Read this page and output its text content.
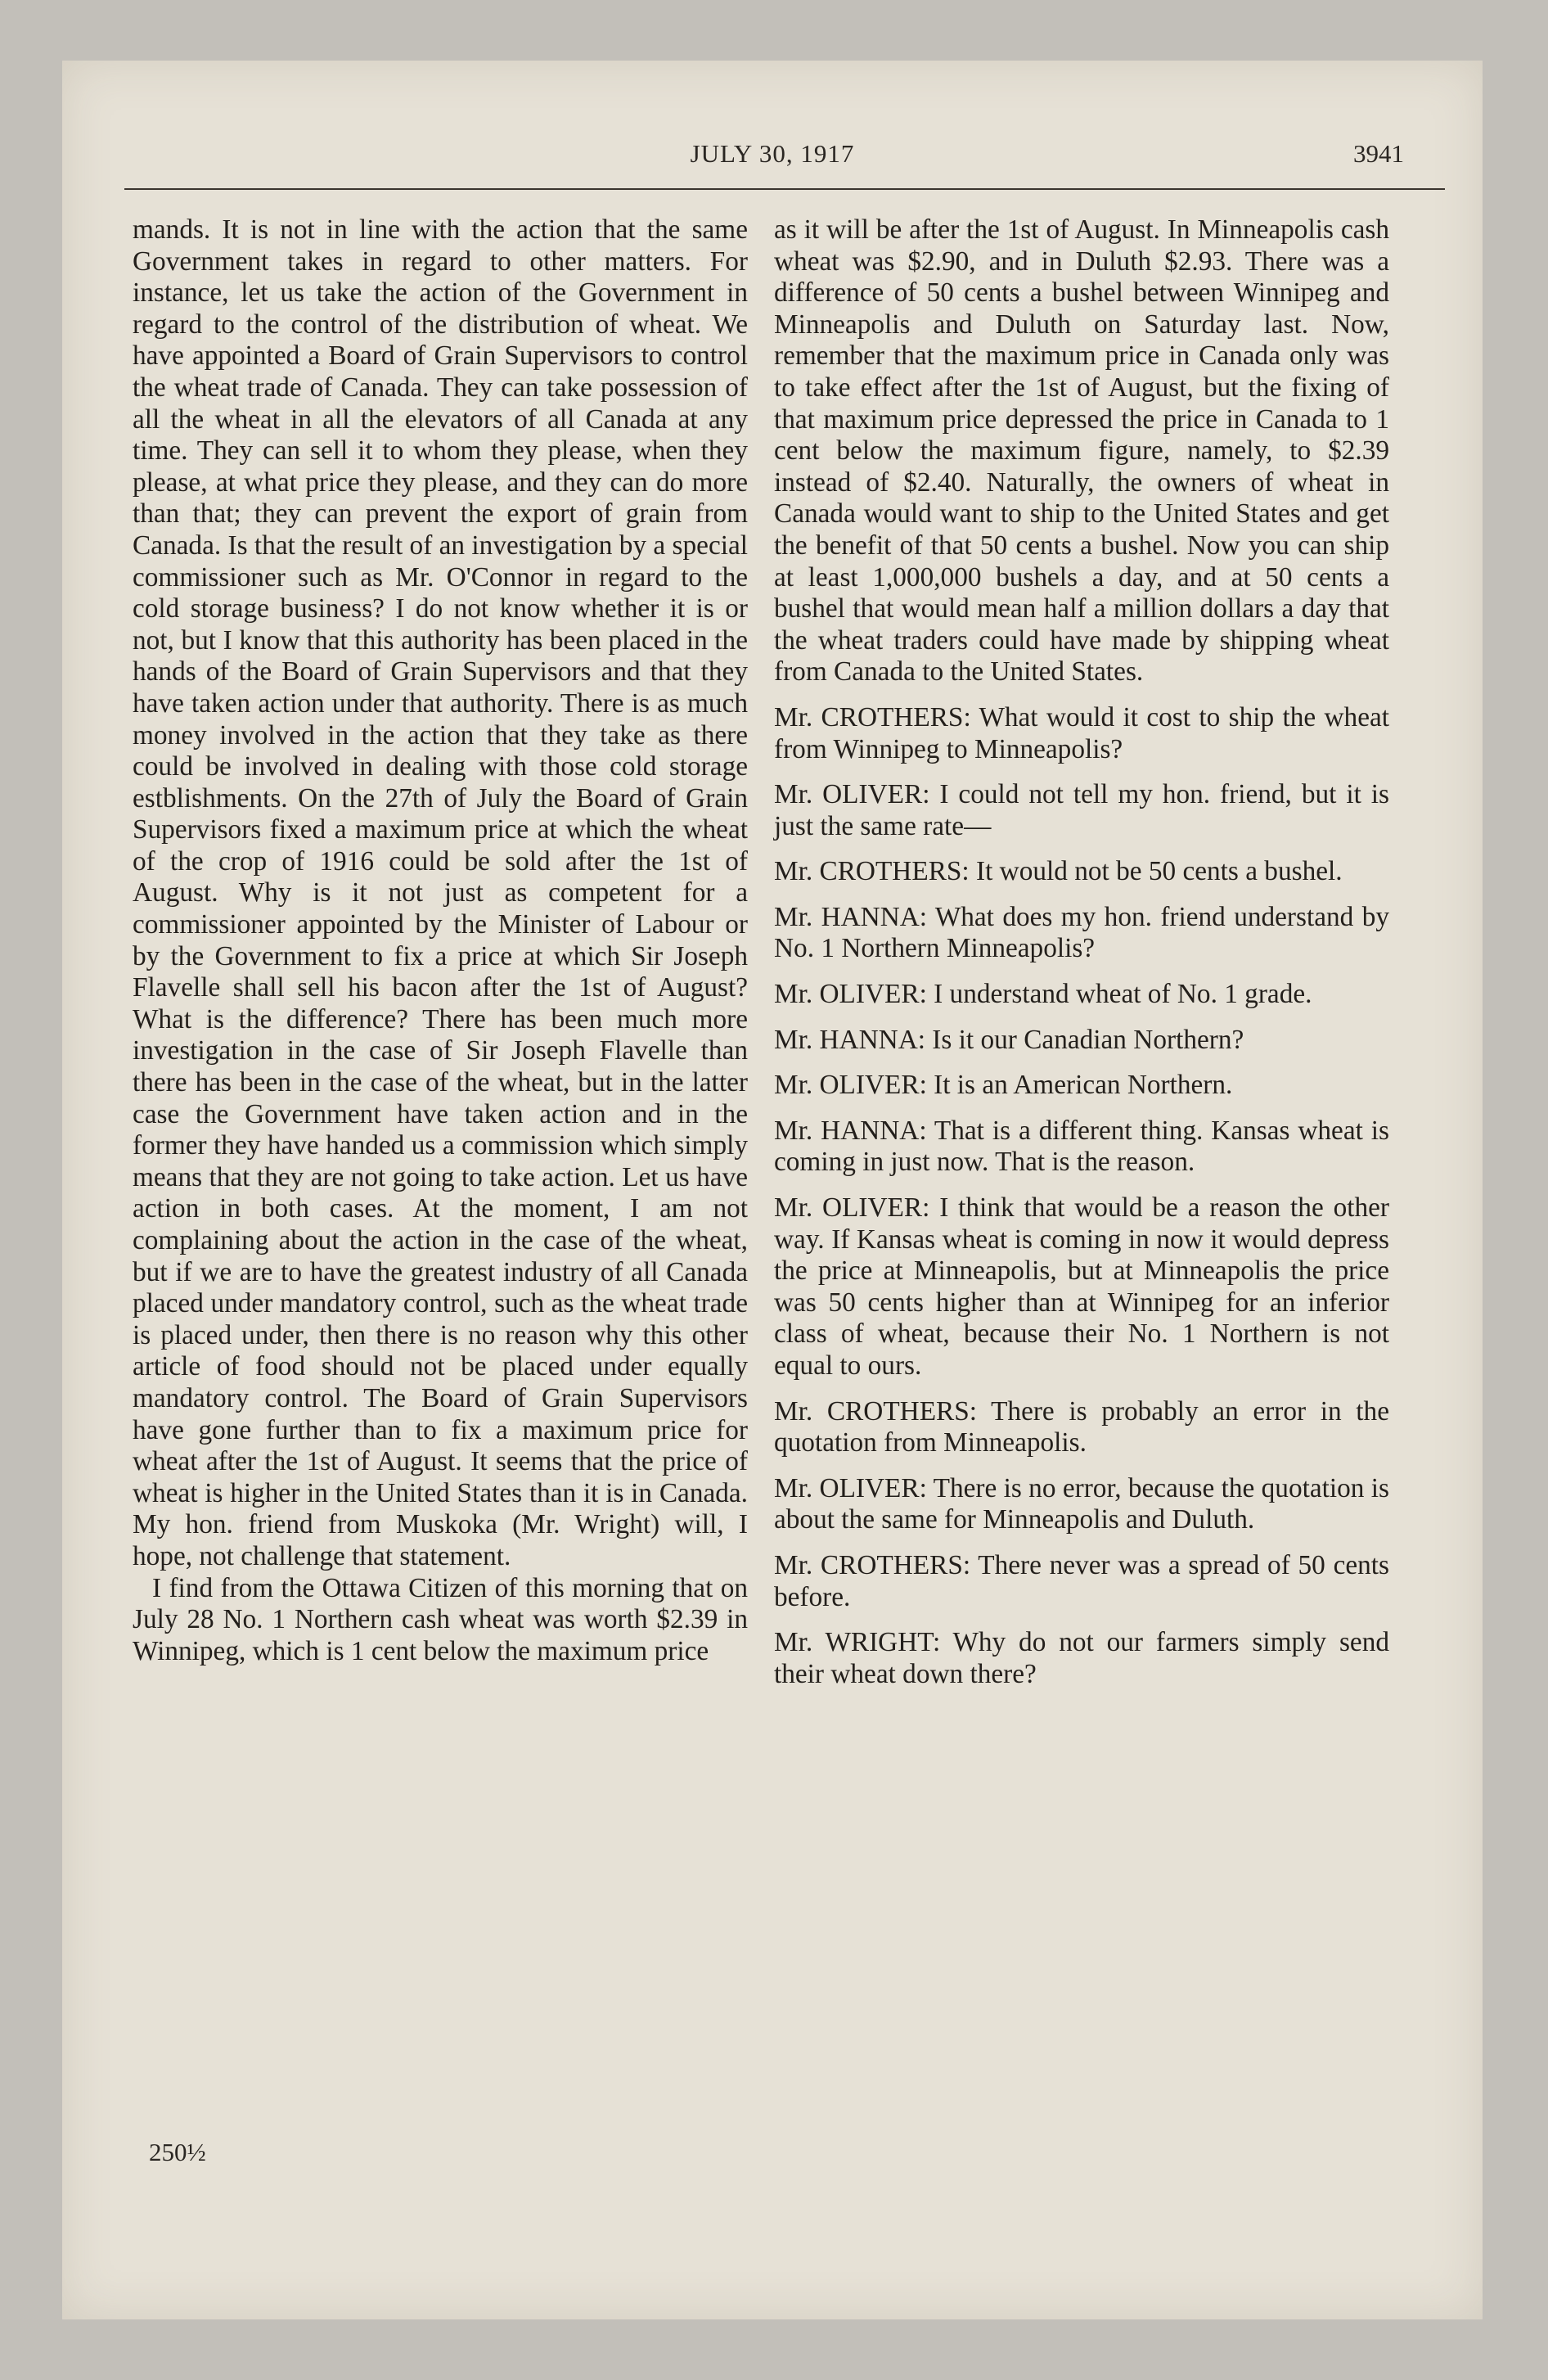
JULY 30, 1917	3941

mands. It is not in line with the action that the same Government takes in regard to other matters. For instance, let us take the action of the Government in regard to the control of the distribution of wheat. We have appointed a Board of Grain Supervisors to control the wheat trade of Canada. They can take possession of all the wheat in all the elevators of all Canada at any time. They can sell it to whom they please, when they please, at what price they please, and they can do more than that; they can prevent the export of grain from Canada. Is that the result of an investigation by a special commissioner such as Mr. O'Connor in regard to the cold storage business? I do not know whether it is or not, but I know that this authority has been placed in the hands of the Board of Grain Supervisors and that they have taken action under that authority. There is as much money involved in the action that they take as there could be involved in dealing with those cold storage estblishments. On the 27th of July the Board of Grain Supervisors fixed a maximum price at which the wheat of the crop of 1916 could be sold after the 1st of August. Why is it not just as competent for a commissioner appointed by the Minister of Labour or by the Government to fix a price at which Sir Joseph Flavelle shall sell his bacon after the 1st of August? What is the difference? There has been much more investigation in the case of Sir Joseph Flavelle than there has been in the case of the wheat, but in the latter case the Government have taken action and in the former they have handed us a commission which simply means that they are not going to take action. Let us have action in both cases. At the moment, I am not complaining about the action in the case of the wheat, but if we are to have the greatest industry of all Canada placed under mandatory control, such as the wheat trade is placed under, then there is no reason why this other article of food should not be placed under equally mandatory control. The Board of Grain Supervisors have gone further than to fix a maximum price for wheat after the 1st of August. It seems that the price of wheat is higher in the United States than it is in Canada. My hon. friend from Muskoka (Mr. Wright) will, I hope, not challenge that statement.

I find from the Ottawa Citizen of this morning that on July 28 No. 1 Northern cash wheat was worth $2.39 in Winnipeg, which is 1 cent below the maximum price

250½

as it will be after the 1st of August. In Minneapolis cash wheat was $2.90, and in Duluth $2.93. There was a difference of 50 cents a bushel between Winnipeg and Minneapolis and Duluth on Saturday last. Now, remember that the maximum price in Canada only was to take effect after the 1st of August, but the fixing of that maximum price depressed the price in Canada to 1 cent below the maximum figure, namely, to $2.39 instead of $2.40. Naturally, the owners of wheat in Canada would want to ship to the United States and get the benefit of that 50 cents a bushel. Now you can ship at least 1,000,000 bushels a day, and at 50 cents a bushel that would mean half a million dollars a day that the wheat traders could have made by shipping wheat from Canada to the United States.

Mr. CROTHERS: What would it cost to ship the wheat from Winnipeg to Minneapolis?

Mr. OLIVER: I could not tell my hon. friend, but it is just the same rate—

Mr. CROTHERS: It would not be 50 cents a bushel.

Mr. HANNA: What does my hon. friend understand by No. 1 Northern Minneapolis?

Mr. OLIVER: I understand wheat of No. 1 grade.

Mr. HANNA: Is it our Canadian Northern?

Mr. OLIVER: It is an American Northern.

Mr. HANNA: That is a different thing. Kansas wheat is coming in just now. That is the reason.

Mr. OLIVER: I think that would be a reason the other way. If Kansas wheat is coming in now it would depress the price at Minneapolis, but at Minneapolis the price was 50 cents higher than at Winnipeg for an inferior class of wheat, because their No. 1 Northern is not equal to ours.

Mr. CROTHERS: There is probably an error in the quotation from Minneapolis.

Mr. OLIVER: There is no error, because the quotation is about the same for Minneapolis and Duluth.

Mr. CROTHERS: There never was a spread of 50 cents before.

Mr. WRIGHT: Why do not our farmers simply send their wheat down there?
